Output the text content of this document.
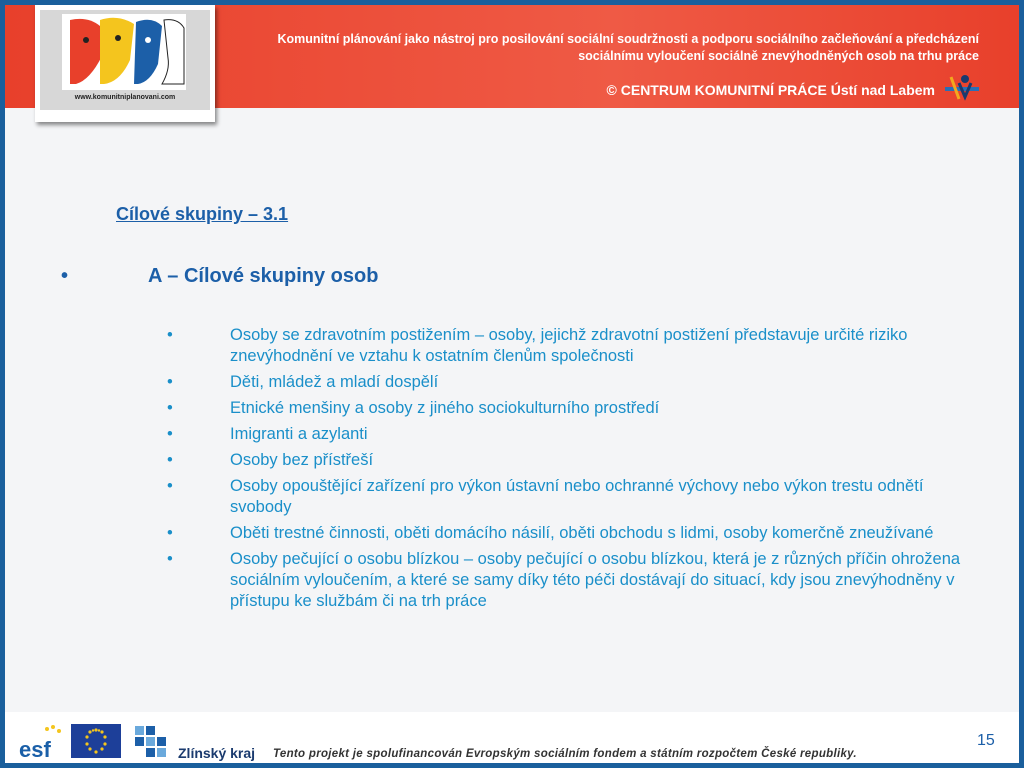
Komunitní plánování jako nástroj pro posilování sociální soudržnosti a podporu sociálního začleňování a předcházení
sociálnímu vyloučení sociálně znevýhodněných osob na trhu práce
© CENTRUM KOMUNITNÍ PRÁCE Ústí nad Labem
www.komunitniplanovani.com
Cílové skupiny – 3.1
•	A – Cílové skupiny osob
•	Osoby se zdravotním postižením – osoby, jejichž zdravotní postižení představuje určité riziko znevýhodnění ve vztahu k ostatním členům společnosti
•	Děti, mládež a mladí dospělí
•	Etnické menšiny a osoby z jiného sociokulturního prostředí
•	Imigranti a azylanti
•	Osoby bez přístřeší
•	Osoby opouštějící zařízení pro výkon ústavní nebo ochranné výchovy nebo výkon trestu odnětí svobody
•	Oběti trestné činnosti, oběti domácího násilí, oběti obchodu s lidmi, osoby komerčně zneužívané
•	Osoby pečující o osobu blízkou – osoby pečující o osobu blízkou, která je z různých příčin ohrožena sociálním vyloučením, a které se samy díky této péči dostávají do situací, kdy jsou znevýhodněny v přístupu ke službám či na trh práce
esf	Zlínský kraj Tento projekt je spolufinancován Evropským sociálním fondem a státním rozpočtem České republiky.
15
